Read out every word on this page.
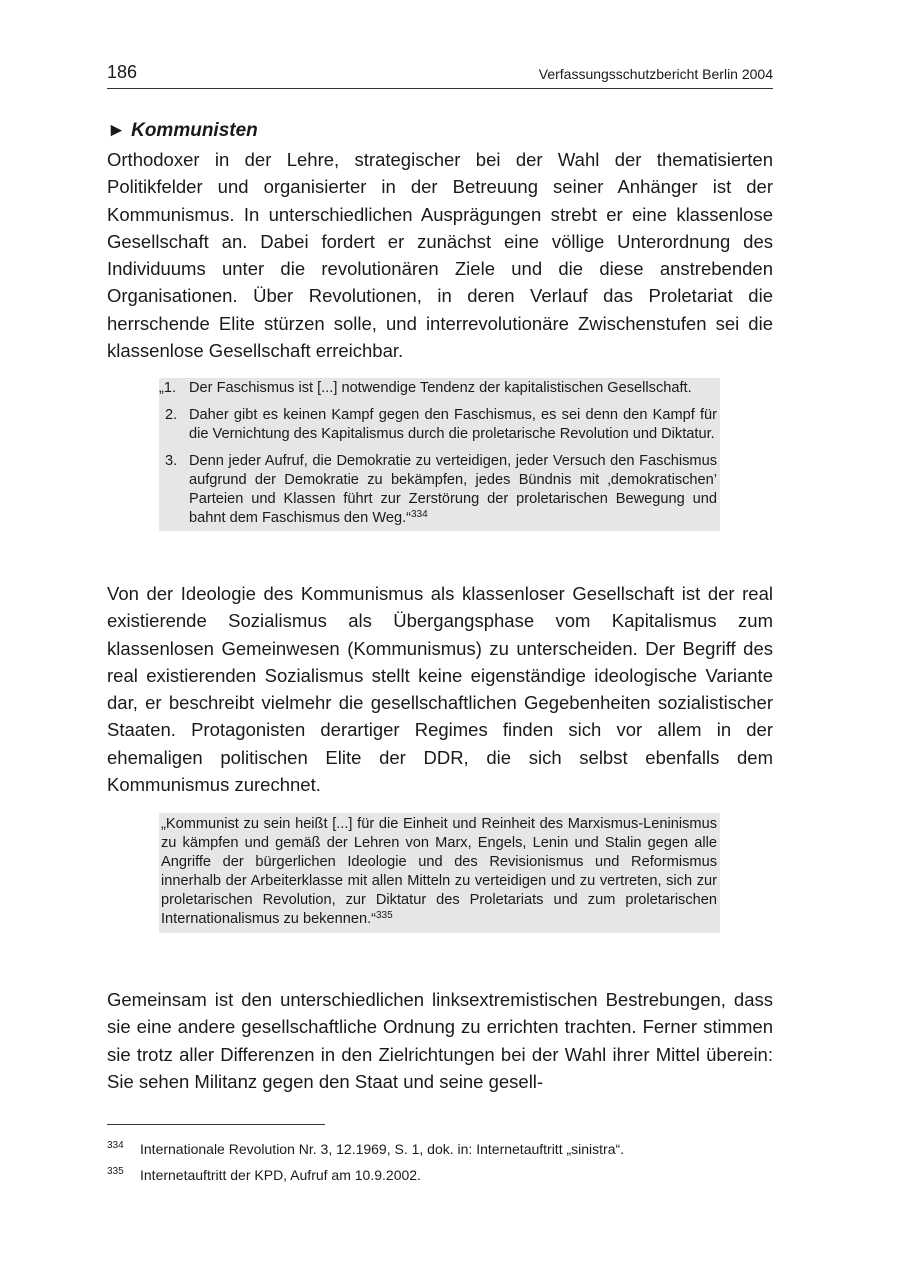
186	Verfassungsschutzbericht Berlin 2004
► Kommunisten

Orthodoxer in der Lehre, strategischer bei der Wahl der thematisierten Politikfelder und organisierter in der Betreuung seiner Anhänger ist der Kommunismus. In unterschiedlichen Ausprägungen strebt er eine klassenlose Gesellschaft an. Dabei fordert er zunächst eine völlige Unterordnung des Individuums unter die revolutionären Ziele und die diese anstrebenden Organisationen. Über Revolutionen, in deren Verlauf das Proletariat die herrschende Elite stürzen solle, und interrevolutionäre Zwischenstufen sei die klassenlose Gesellschaft erreichbar.

„1. Der Faschismus ist [...] notwendige Tendenz der kapitalistischen Gesellschaft.
2. Daher gibt es keinen Kampf gegen den Faschismus, es sei denn den Kampf für die Vernichtung des Kapitalismus durch die proletarische Revolution und Diktatur.
3. Denn jeder Aufruf, die Demokratie zu verteidigen, jeder Versuch den Faschismus aufgrund der Demokratie zu bekämpfen, jedes Bündnis mit ‚demokratischen’ Parteien und Klassen führt zur Zerstörung der proletarischen Bewegung und bahnt dem Faschismus den Weg.“$^{334}$

Von der Ideologie des Kommunismus als klassenloser Gesellschaft ist der real existierende Sozialismus als Übergangsphase vom Kapitalismus zum klassenlosen Gemeinwesen (Kommunismus) zu unterscheiden. Der Begriff des real existierenden Sozialismus stellt keine eigenständige ideologische Variante dar, er beschreibt vielmehr die gesellschaftlichen Gegebenheiten sozialistischer Staaten. Protagonisten derartiger Regimes finden sich vor allem in der ehemaligen politischen Elite der DDR, die sich selbst ebenfalls dem Kommunismus zurechnet.

„Kommunist zu sein heißt [...] für die Einheit und Reinheit des Marxismus-Leninismus zu kämpfen und gemäß der Lehren von Marx, Engels, Lenin und Stalin gegen alle Angriffe der bürgerlichen Ideologie und des Revisionismus und Reformismus innerhalb der Arbeiterklasse mit allen Mitteln zu verteidigen und zu vertreten, sich zur proletarischen Revolution, zur Diktatur des Proletariats und zum proletarischen Internationalismus zu bekennen.“$^{335}$

Gemeinsam ist den unterschiedlichen linksextremistischen Bestrebungen, dass sie eine andere gesellschaftliche Ordnung zu errichten trachten. Ferner stimmen sie trotz aller Differenzen in den Zielrichtungen bei der Wahl ihrer Mittel überein: Sie sehen Militanz gegen den Staat und seine gesell-

334 Internationale Revolution Nr. 3, 12.1969, S. 1, dok. in: Internetauftritt „sinistra“.
335 Internetauftritt der KPD, Aufruf am 10.9.2002.
